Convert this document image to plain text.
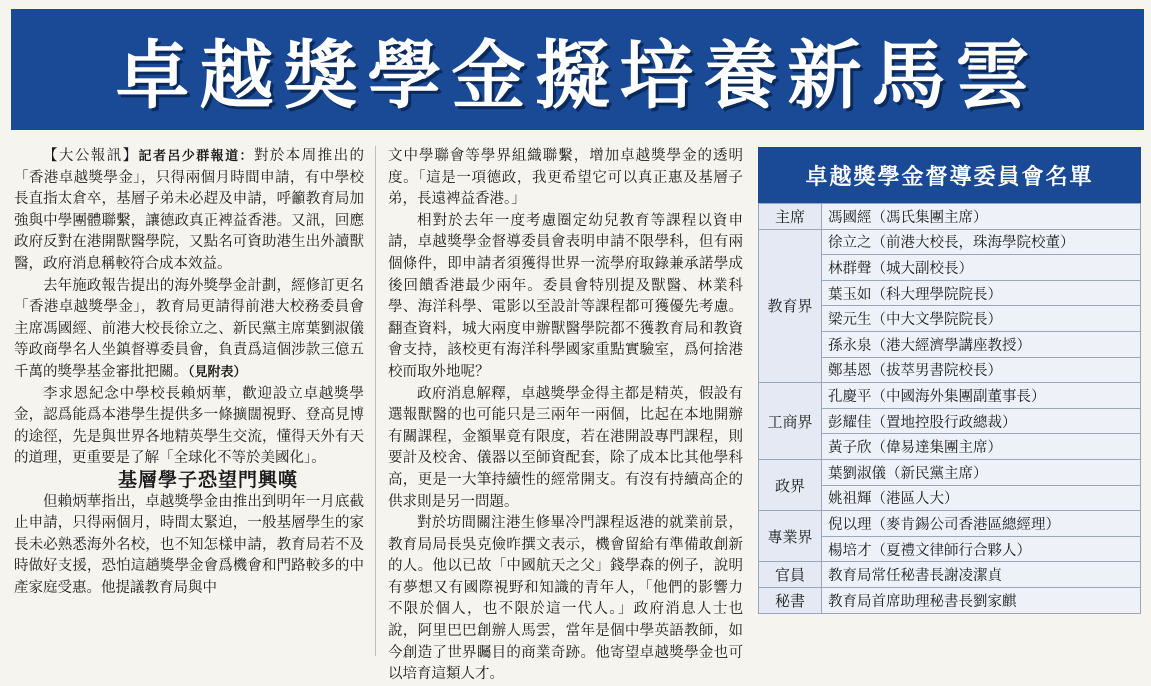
卓越獎學金擬培養新馬雲

【大公報訊】記者呂少群報道：對於本周推出的「香港卓越獎學金」，只得兩個月時間申請，有中學校長直指太倉卒，基層子弟未必趕及申請，呼籲教育局加強與中學團體聯繫，讓德政真正裨益香港。又訊，回應政府反對在港開獸醫學院，又點名可資助港生出外讀獸醫，政府消息稱較符合成本效益。

去年施政報告提出的海外獎學金計劃，經修訂更名「香港卓越獎學金」，教育局更請得前港大校務委員會主席馮國經、前港大校長徐立之、新民黨主席葉劉淑儀等政商學名人坐鎮督導委員會，負責爲這個涉款三億五千萬的獎學基金審批把關。（見附表）

李求恩紀念中學校長賴炳華，歡迎設立卓越獎學金，認爲能爲本港學生提供多一條擴闊視野、登高見博的途徑，先是與世界各地精英學生交流，懂得天外有天的道理，更重要是了解「全球化不等於美國化」。

基層學子恐望門興嘆

但賴炳華指出，卓越獎學金由推出到明年一月底截止申請，只得兩個月，時間太緊迫，一般基層學生的家長未必熟悉海外名校，也不知怎樣申請，教育局若不及時做好支援，恐怕這趟獎學金會爲機會和門路較多的中產家庭受惠。他提議教育局與中

文中學聯會等學界組織聯繫，增加卓越獎學金的透明度。「這是一項德政，我更希望它可以真正惠及基層子弟，長遠裨益香港。」

相對於去年一度考慮圈定幼兒教育等課程以資申請，卓越獎學金督導委員會表明申請不限學科，但有兩個條件，即申請者須獲得世界一流學府取錄兼承諾學成後回饋香港最少兩年。委員會特別提及獸醫、林業科學、海洋科學、電影以至設計等課程都可獲優先考慮。翻查資料，城大兩度申辦獸醫學院都不獲教育局和教資會支持，該校更有海洋科學國家重點實驗室，爲何捨港校而取外地呢？

政府消息解釋，卓越獎學金得主都是精英，假設有選報獸醫的也可能只是三兩年一兩個，比起在本地開辦有關課程，金額畢竟有限度，若在港開設專門課程，則要計及校舍、儀器以至師資配套，除了成本比其他學科高，更是一大筆持續性的經常開支。有沒有持續高企的供求則是另一問題。

對於坊間關注港生修畢冷門課程返港的就業前景，教育局局長吳克儉昨撰文表示，機會留給有準備敢創新的人。他以已故「中國航天之父」錢學森的例子，說明有夢想又有國際視野和知識的青年人，「他們的影響力不限於個人，也不限於這一代人。」政府消息人士也說，阿里巴巴創辦人馬雲，當年是個中學英語教師，如今創造了世界矚目的商業奇跡。他寄望卓越獎學金也可以培育這類人才。

卓越獎學金督導委員會名單
主席	馮國經（馮氏集團主席）
教育界	徐立之（前港大校長，珠海學院校董）
	林群聲（城大副校長）
	葉玉如（科大理學院院長）
	梁元生（中大文學院院長）
	孫永泉（港大經濟學講座教授）
	鄭基恩（拔萃男書院校長）
工商界	孔慶平（中國海外集團副董事長）
	彭耀佳（置地控股行政總裁）
	黃子欣（偉易達集團主席）
政界	葉劉淑儀（新民黨主席）
	姚祖輝（港區人大）
專業界	倪以理（麥肯錫公司香港區總經理）
	楊培才（夏禮文律師行合夥人）
官員	教育局常任秘書長謝凌潔貞
秘書	教育局首席助理秘書長劉家麒
